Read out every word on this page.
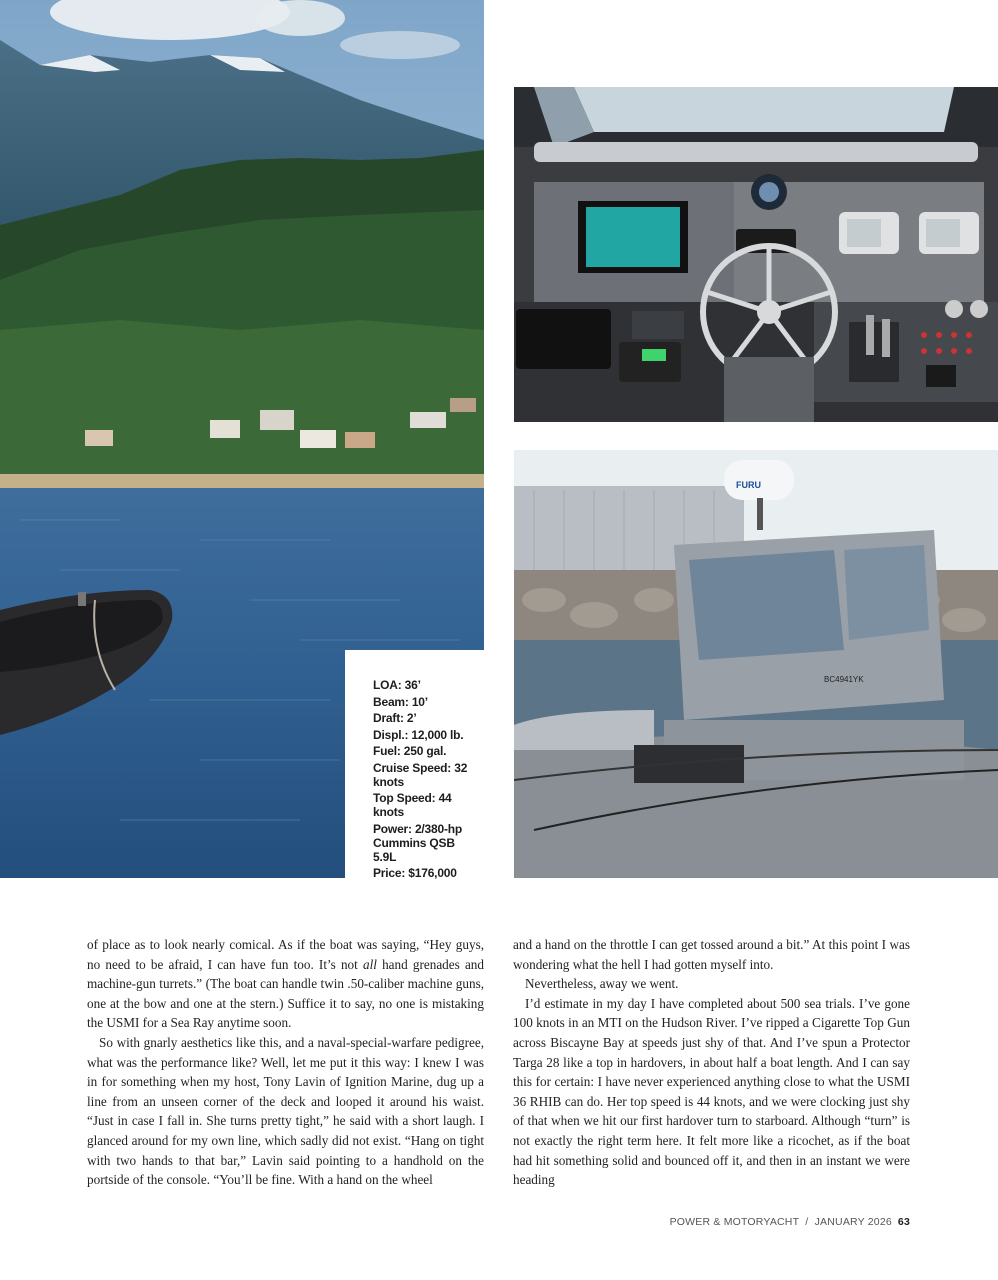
FURU
BC4941YK
LOA: 36’
Beam: 10’
Draft: 2’
Displ.: 12,000 lb.
Fuel: 250 gal.
Cruise Speed: 32 knots
Top Speed: 44 knots
Power: 2/380-hp Cummins QSB 5.9L
Price: $176,000

of place as to look nearly comical. As if the boat was saying, “Hey guys, no need to be afraid, I can have fun too. It’s not all hand grenades and machine-gun turrets.” (The boat can handle twin .50-caliber machine guns, one at the bow and one at the stern.) Suffice it to say, no one is mistaking the USMI for a Sea Ray anytime soon.

So with gnarly aesthetics like this, and a naval-special-warfare pedigree, what was the performance like? Well, let me put it this way: I knew I was in for something when my host, Tony Lavin of Ignition Marine, dug up a line from an unseen corner of the deck and looped it around his waist. “Just in case I fall in. She turns pretty tight,” he said with a short laugh. I glanced around for my own line, which sadly did not exist. “Hang on tight with two hands to that bar,” Lavin said pointing to a handhold on the portside of the console. “You’ll be fine. With a hand on the wheel

and a hand on the throttle I can get tossed around a bit.” At this point I was wondering what the hell I had gotten myself into.

Nevertheless, away we went.

I’d estimate in my day I have completed about 500 sea trials. I’ve gone 100 knots in an MTI on the Hudson River. I’ve ripped a Cigarette Top Gun across Biscayne Bay at speeds just shy of that. And I’ve spun a Protector Targa 28 like a top in hardovers, in about half a boat length. And I can say this for certain: I have never experienced anything close to what the USMI 36 RHIB can do. Her top speed is 44 knots, and we were clocking just shy of that when we hit our first hardover turn to starboard. Although “turn” is not exactly the right term here. It felt more like a ricochet, as if the boat had hit something solid and bounced off it, and then in an instant we were heading

POWER & MOTORYACHT  /  JANUARY 2026 63
